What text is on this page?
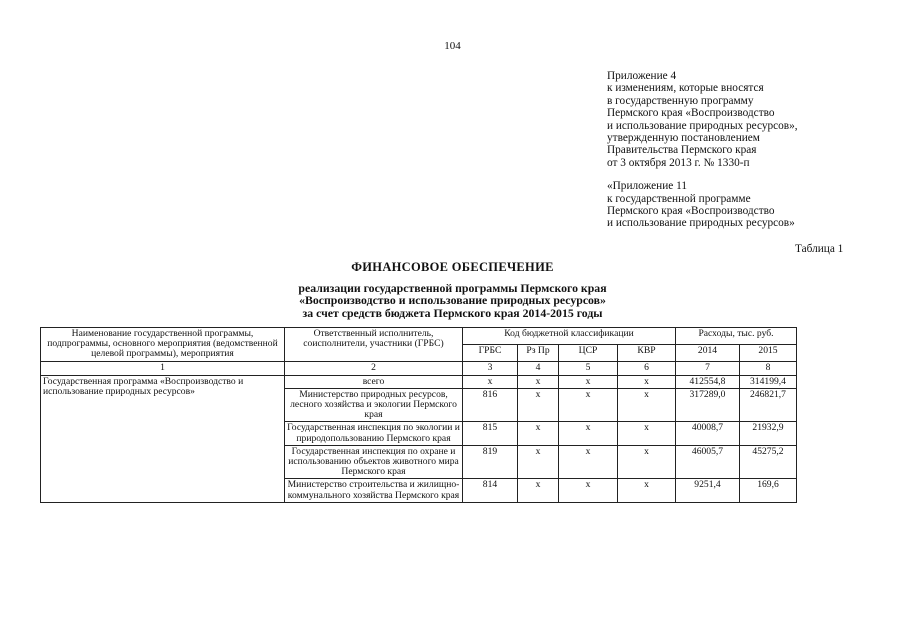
104
Приложение 4
к изменениям, которые вносятся
в государственную программу
Пермского края «Воспроизводство
и использование природных ресурсов»,
утвержденную постановлением
Правительства Пермского края
от 3 октября 2013 г. № 1330-п
«Приложение 11
к государственной программе
Пермского края «Воспроизводство
и использование природных ресурсов»
Таблица 1
ФИНАНСОВОЕ ОБЕСПЕЧЕНИЕ
реализации государственной программы Пермского края
«Воспроизводство и использование природных ресурсов»
за счет средств бюджета Пермского края 2014-2015 годы
Наименование государственной программы, подпрограммы, основного мероприятия (ведомственной целевой программы), мероприятия	Ответственный исполнитель, соисполнители, участники (ГРБС)	Код бюджетной классификации				Расходы, тыс. руб.	
		ГРБС	Рз Пр	ЦСР	КВР	2014	2015
1	2	3	4	5	6	7	8
Государственная программа «Воспроизводство и использование природных ресурсов»	всего	х	х	х	х	412554,8	314199,4
	Министерство природных ресурсов, лесного хозяйства и экологии Пермского края	816	х	х	х	317289,0	246821,7
	Государственная инспекция по экологии и природопользованию Пермского края	815	х	х	х	40008,7	21932,9
	Государственная инспекция по охране и использованию объектов животного мира Пермского края	819	х	х	х	46005,7	45275,2
	Министерство строительства и жилищно-коммунального хозяйства Пермского края	814	х	х	х	9251,4	169,6
